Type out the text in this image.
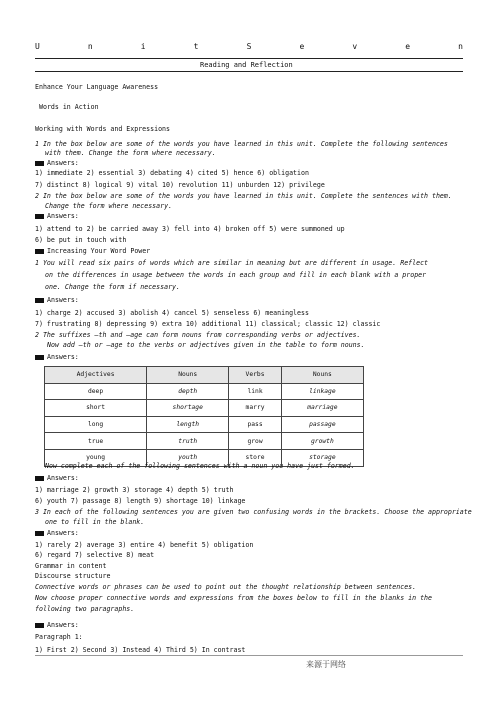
U	n	i	t	S	e	v	e	n
Reading and Reflection
Enhance Your Language Awareness
Words in Action
Working with Words and Expressions
1 In the box below are some of the words you have learned in this unit. Complete the following sentences
with them. Change the form where necessary.
Answers:
1) immediate 2) essential 3) debating 4) cited 5) hence 6) obligation
7) distinct 8) logical 9) vital 10) revolution 11) unburden 12) privilege
2 In the box below are some of the words you have learned in this unit. Complete the sentences with them.
Change the form where necessary.
Answers:
1) attend to 2) be carried away 3) fell into 4) broken off 5) were summoned up
6) be put in touch with
Increasing Your Word Power
1 You will read six pairs of words which are similar in meaning but are different in usage. Reflect
on the differences in usage between the words in each group and fill in each blank with a proper
one. Change the form if necessary.
Answers:
1) charge 2) accused 3) abolish 4) cancel 5) senseless 6) meaningless
7) frustrating 8) depressing 9) extra 10) additional 11) classical; classic 12) classic
2 The suffixes –th and –age can form nouns from corresponding verbs or adjectives.
Now add –th or –age to the verbs or adjectives given in the table to form nouns.
Answers:
Adjectives	Nouns	Verbs	Nouns
deep	depth	link	linkage
short	shortage	marry	marriage
long	length	pass	passage
true	truth	grow	growth
young	youth	store	storage
Now complete each of the following sentences with a noun you have just formed.
Answers:
1) marriage 2) growth 3) storage 4) depth 5) truth
6) youth 7) passage 8) length 9) shortage 10) linkage
3 In each of the following sentences you are given two confusing words in the brackets. Choose the appropriate
one to fill in the blank.
Answers:
1) rarely 2) average 3) entire 4) benefit 5) obligation
6) regard 7) selective 8) meat
Grammar in content
Discourse structure
Connective words or phrases can be used to point out the thought relationship between sentences.
Now choose proper connective words and expressions from the boxes below to fill in the blanks in the
following two paragraphs.
Answers:
Paragraph 1:
1) First 2) Second 3) Instead 4) Third 5) In contrast
来源于网络
